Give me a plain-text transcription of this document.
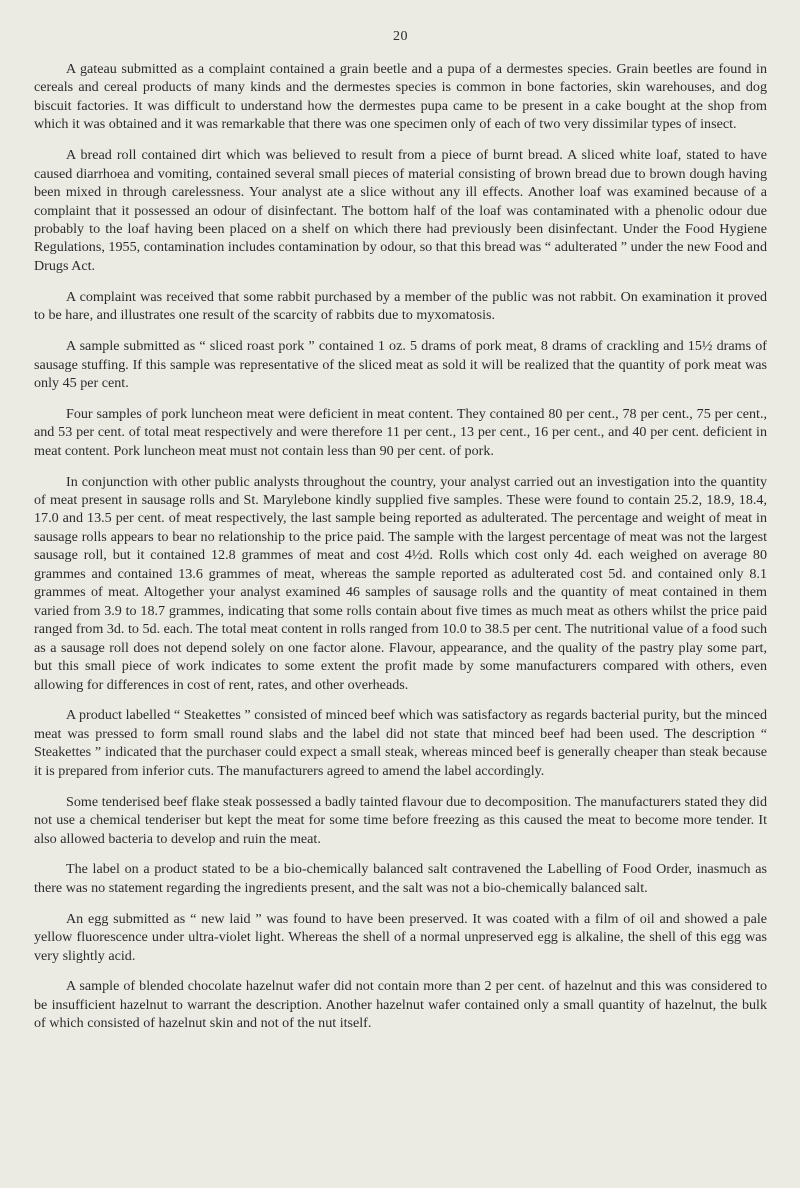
20

A gateau submitted as a complaint contained a grain beetle and a pupa of a dermestes species. Grain beetles are found in cereals and cereal products of many kinds and the dermestes species is common in bone factories, skin warehouses, and dog biscuit factories. It was difficult to understand how the dermestes pupa came to be present in a cake bought at the shop from which it was obtained and it was remarkable that there was one specimen only of each of two very dissimilar types of insect.

A bread roll contained dirt which was believed to result from a piece of burnt bread. A sliced white loaf, stated to have caused diarrhoea and vomiting, contained several small pieces of material consisting of brown bread due to brown dough having been mixed in through carelessness. Your analyst ate a slice without any ill effects. Another loaf was examined because of a complaint that it possessed an odour of disinfectant. The bottom half of the loaf was contaminated with a phenolic odour due probably to the loaf having been placed on a shelf on which there had previously been disinfectant. Under the Food Hygiene Regulations, 1955, contamination includes contamination by odour, so that this bread was “ adulterated ” under the new Food and Drugs Act.

A complaint was received that some rabbit purchased by a member of the public was not rabbit. On examination it proved to be hare, and illustrates one result of the scarcity of rabbits due to myxomatosis.

A sample submitted as “ sliced roast pork ” contained 1 oz. 5 drams of pork meat, 8 drams of crackling and 15½ drams of sausage stuffing. If this sample was representative of the sliced meat as sold it will be realized that the quantity of pork meat was only 45 per cent.

Four samples of pork luncheon meat were deficient in meat content. They contained 80 per cent., 78 per cent., 75 per cent., and 53 per cent. of total meat respectively and were therefore 11 per cent., 13 per cent., 16 per cent., and 40 per cent. deficient in meat content. Pork luncheon meat must not contain less than 90 per cent. of pork.

In conjunction with other public analysts throughout the country, your analyst carried out an investigation into the quantity of meat present in sausage rolls and St. Marylebone kindly supplied five samples. These were found to contain 25.2, 18.9, 18.4, 17.0 and 13.5 per cent. of meat respectively, the last sample being reported as adulterated. The percentage and weight of meat in sausage rolls appears to bear no relationship to the price paid. The sample with the largest percentage of meat was not the largest sausage roll, but it contained 12.8 grammes of meat and cost 4½d. Rolls which cost only 4d. each weighed on average 80 grammes and contained 13.6 grammes of meat, whereas the sample reported as adulterated cost 5d. and contained only 8.1 grammes of meat. Altogether your analyst examined 46 samples of sausage rolls and the quantity of meat contained in them varied from 3.9 to 18.7 grammes, indicating that some rolls contain about five times as much meat as others whilst the price paid ranged from 3d. to 5d. each. The total meat content in rolls ranged from 10.0 to 38.5 per cent. The nutritional value of a food such as a sausage roll does not depend solely on one factor alone. Flavour, appearance, and the quality of the pastry play some part, but this small piece of work indicates to some extent the profit made by some manufacturers compared with others, even allowing for differences in cost of rent, rates, and other overheads.

A product labelled “ Steakettes ” consisted of minced beef which was satisfactory as regards bacterial purity, but the minced meat was pressed to form small round slabs and the label did not state that minced beef had been used. The description “ Steakettes ” indicated that the purchaser could expect a small steak, whereas minced beef is generally cheaper than steak because it is prepared from inferior cuts. The manufacturers agreed to amend the label accordingly.

Some tenderised beef flake steak possessed a badly tainted flavour due to decomposition. The manufacturers stated they did not use a chemical tenderiser but kept the meat for some time before freezing as this caused the meat to become more tender. It also allowed bacteria to develop and ruin the meat.

The label on a product stated to be a bio-chemically balanced salt contravened the Labelling of Food Order, inasmuch as there was no statement regarding the ingredients present, and the salt was not a bio-chemically balanced salt.

An egg submitted as “ new laid ” was found to have been preserved. It was coated with a film of oil and showed a pale yellow fluorescence under ultra-violet light. Whereas the shell of a normal unpreserved egg is alkaline, the shell of this egg was very slightly acid.

A sample of blended chocolate hazelnut wafer did not contain more than 2 per cent. of hazelnut and this was considered to be insufficient hazelnut to warrant the description. Another hazelnut wafer contained only a small quantity of hazelnut, the bulk of which consisted of hazelnut skin and not of the nut itself.
